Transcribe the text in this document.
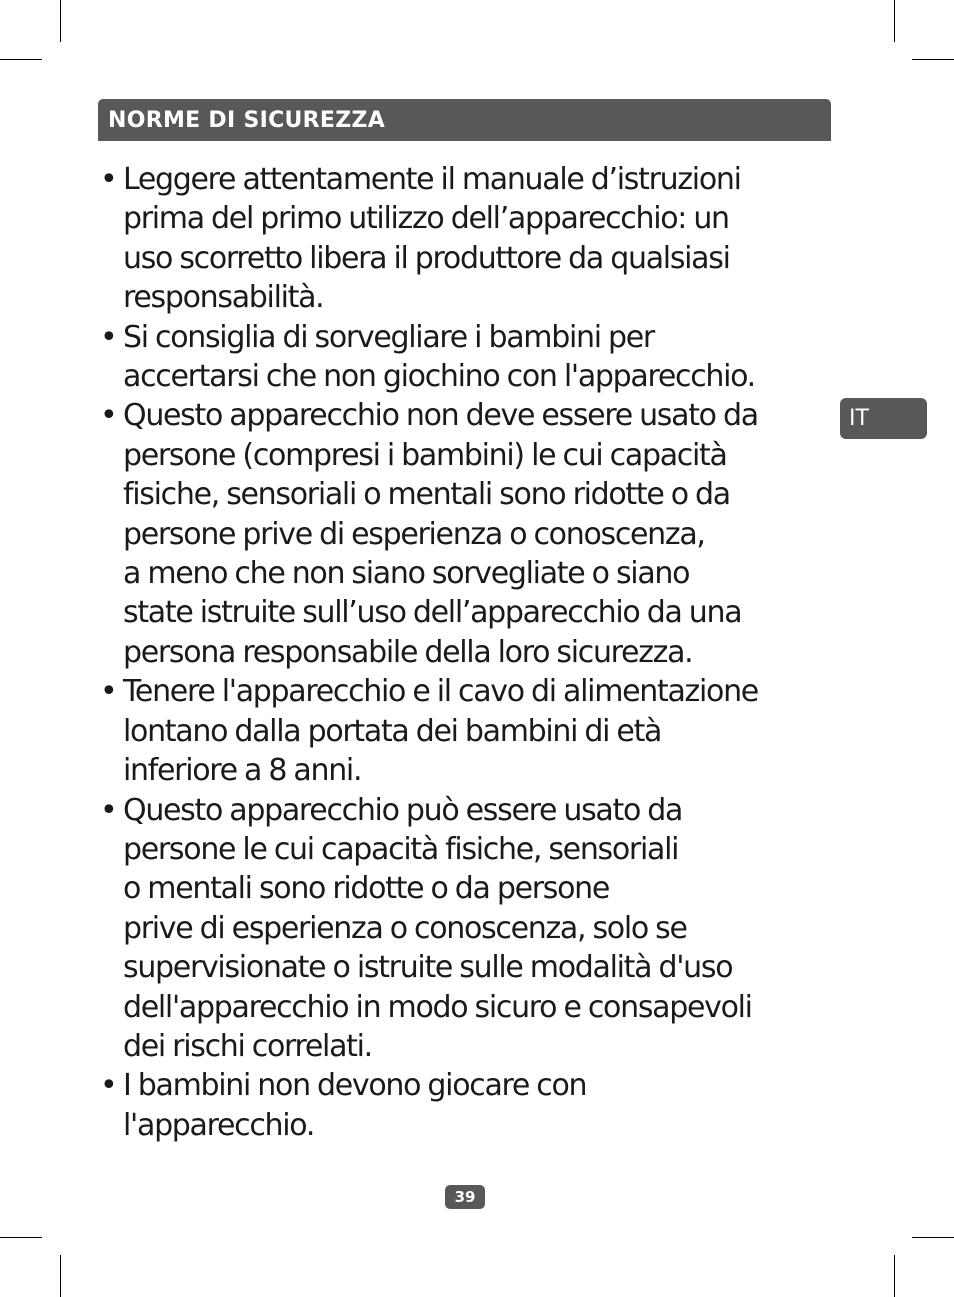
NORME DI SICUREZZA
IT
• Leggere attentamente il manuale d’istruzioni
prima del primo utilizzo dell’apparecchio: un
uso scorretto libera il produttore da qualsiasi
responsabilità.
• Si consiglia di sorvegliare i bambini per
accertarsi che non giochino con l'apparecchio.
• Questo apparecchio non deve essere usato da
persone (compresi i bambini) le cui capacità
fisiche, sensoriali o mentali sono ridotte o da
persone prive di esperienza o conoscenza,
a meno che non siano sorvegliate o siano
state istruite sull’uso dell’apparecchio da una
persona responsabile della loro sicurezza.
• Tenere l'apparecchio e il cavo di alimentazione
lontano dalla portata dei bambini di età
inferiore a 8 anni.
• Questo apparecchio può essere usato da
persone le cui capacità fisiche, sensoriali
o mentali sono ridotte o da persone
prive di esperienza o conoscenza, solo se
supervisionate o istruite sulle modalità d'uso
dell'apparecchio in modo sicuro e consapevoli
dei rischi correlati.
• I bambini non devono giocare con
l'apparecchio.
39
